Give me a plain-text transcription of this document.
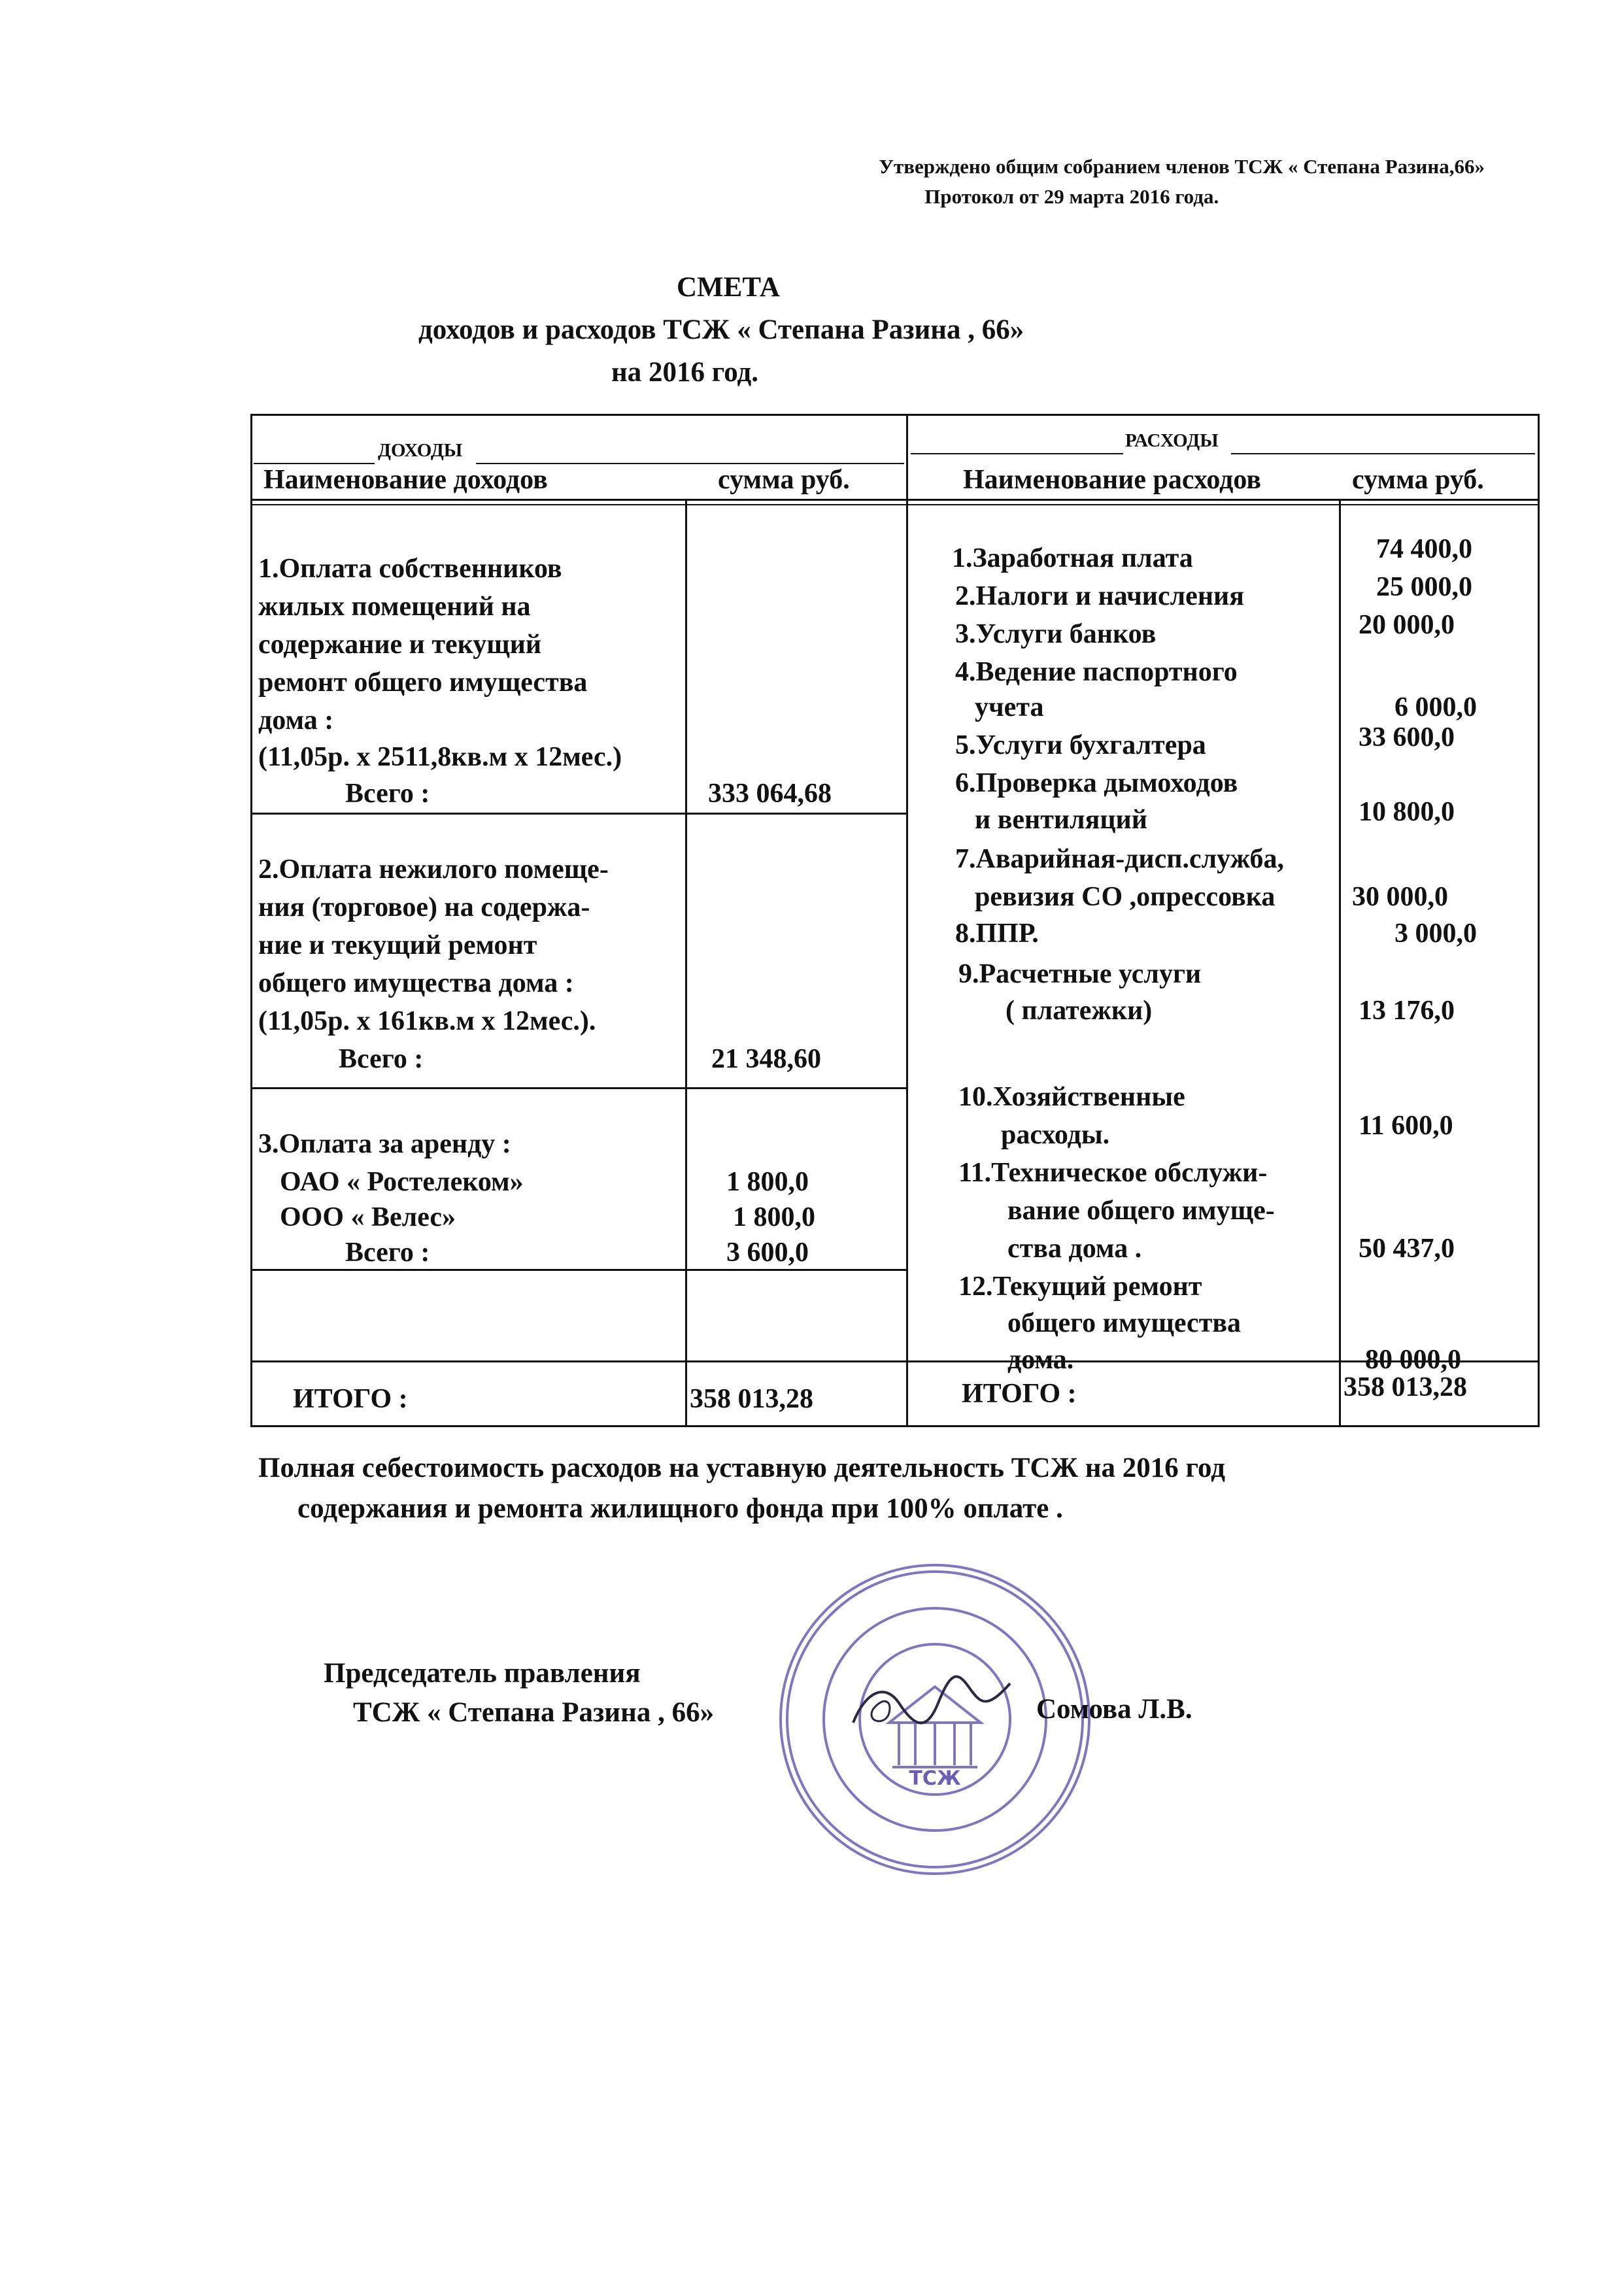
Утверждено общим собранием членов ТСЖ « Степана Разина,66»
Протокол от 29 марта 2016 года.
СМЕТА
доходов и расходов ТСЖ « Степана Разина , 66»
на 2016 год.
ДОХОДЫ	РАСХОДЫ
Наименование доходов	сумма руб.	Наименование расходов	сумма руб.
1.Оплата собственников
жилых помещений на
содержание и текущий
ремонт общего имущества
дома :
(11,05р. х 2511,8кв.м х 12мес.)
Всего :	333 064,68
2.Оплата нежилого помеще-
ния (торговое) на содержа-
ние и текущий ремонт
общего имущества дома :
(11,05р. х 161кв.м х 12мес.).
Всего :	21 348,60
3.Оплата за аренду :
ОАО « Ростелеком»	1 800,0
ООО « Велес»	1 800,0
Всего :	3 600,0
1.Заработная плата	74 400,0
2.Налоги и начисления	25 000,0
3.Услуги банков	20 000,0
4.Ведение паспортного
учета	6 000,0
5.Услуги бухгалтера	33 600,0
6.Проверка дымоходов
и вентиляций	10 800,0
7.Аварийная-дисп.служба,
ревизия СО ,опрессовка	30 000,0
8.ППР.	3 000,0
9.Расчетные услуги
( платежки)	13 176,0
10.Хозяйственные
расходы.	11 600,0
11.Техническое обслужи-
вание общего имуще-
ства дома .	50 437,0
12.Текущий ремонт
общего имущества
дома.	80 000,0
ИТОГО :	358 013,28	ИТОГО :	358 013,28
Полная себестоимость расходов на уставную деятельность ТСЖ на 2016 год
содержания и ремонта жилищного фонда при 100% оплате .
ТСЖ
Председатель правления
ТСЖ « Степана Разина , 66»	Сомова Л.В.
